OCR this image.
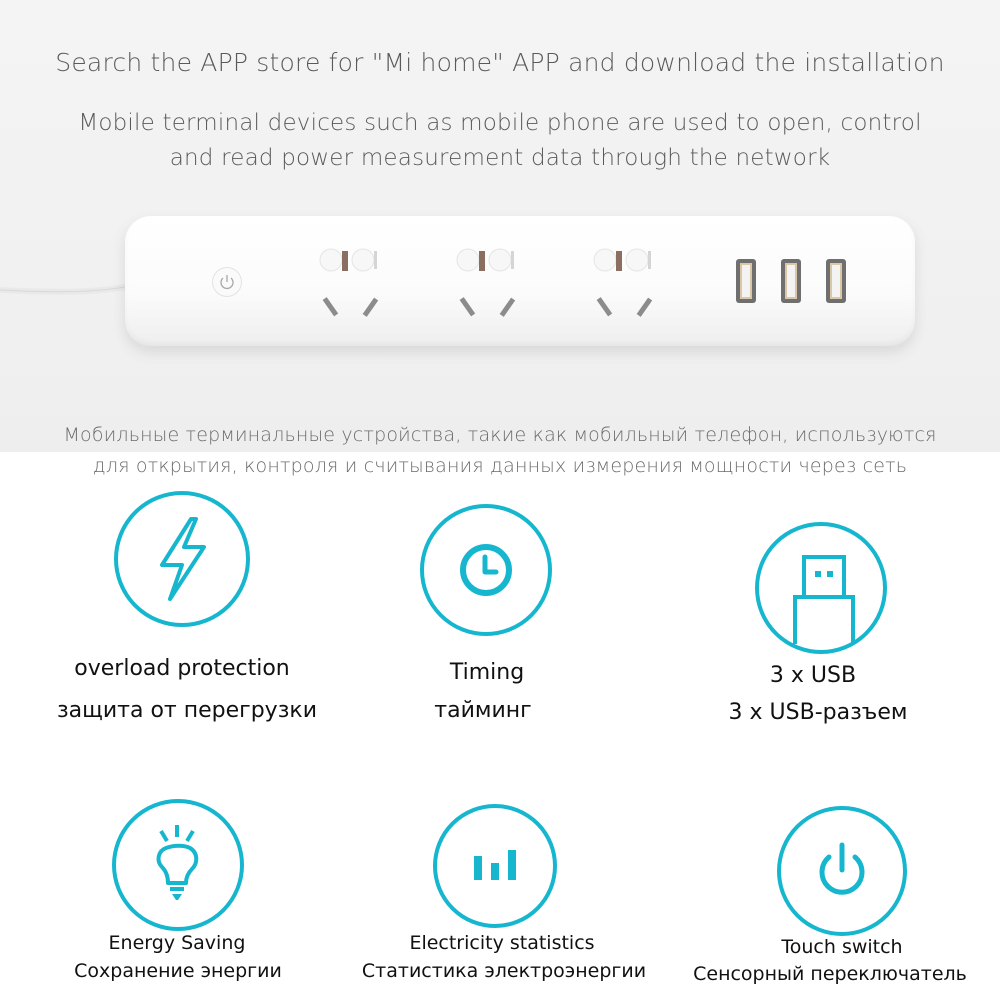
Search the APP store for "Mi home" APP and download the installation
Mobile terminal devices such as mobile phone are used to open, control
and read power measurement data through the network
Мобильные терминальные устройства, такие как мобильный телефон, используются
для открытия, контроля и считывания данных измерения мощности через сеть
overload protection
защита от перегрузки
Timing
тайминг
3 x USB
3 x USB-разъем
Energy Saving
Сохранение энергии
Electricity statistics
Статистика электроэнергии
Touch switch
Сенсорный переключатель
